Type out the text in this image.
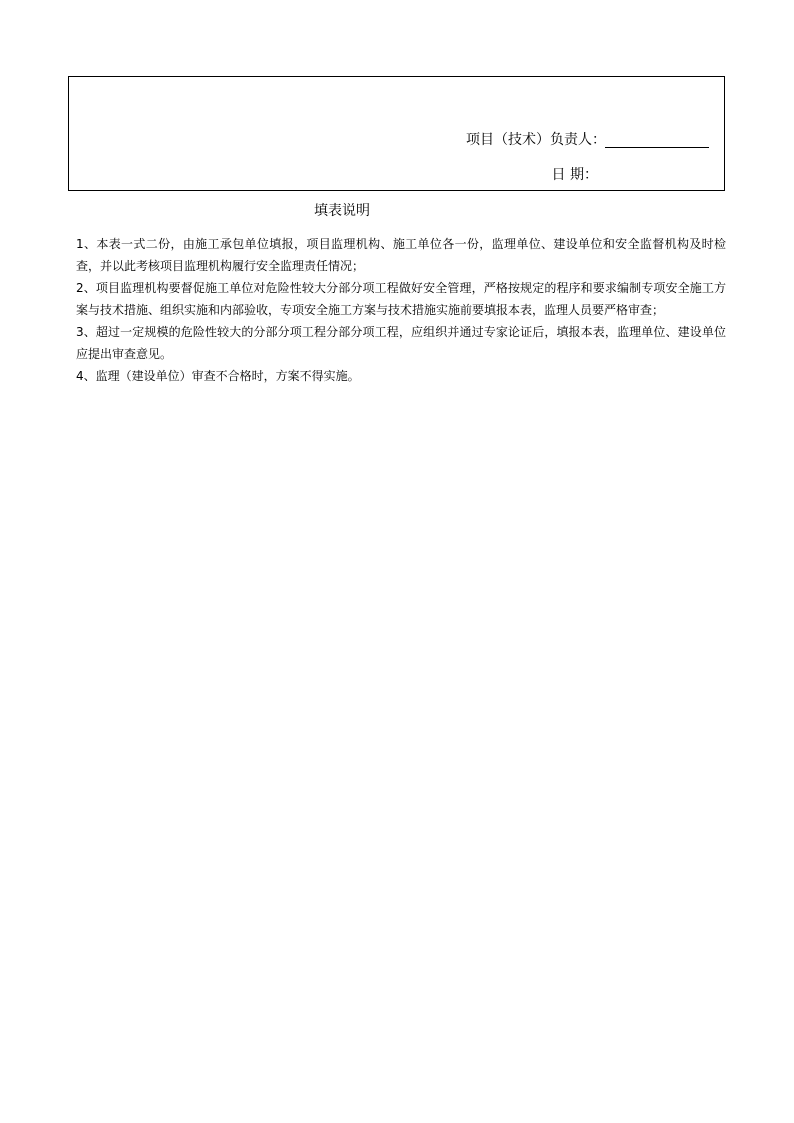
项目（技术）负责人：
日 期：
填表说明

1、本表一式二份，由施工承包单位填报，项目监理机构、施工单位各一份，监理单位、建设单位和安全监督机构及时检查，并以此考核项目监理机构履行安全监理责任情况；

2、项目监理机构要督促施工单位对危险性较大分部分项工程做好安全管理，严格按规定的程序和要求编制专项安全施工方案与技术措施、组织实施和内部验收，专项安全施工方案与技术措施实施前要填报本表，监理人员要严格审查；

3、超过一定规模的危险性较大的分部分项工程分部分项工程，应组织并通过专家论证后，填报本表，监理单位、建设单位应提出审查意见。

4、监理（建设单位）审查不合格时，方案不得实施。
